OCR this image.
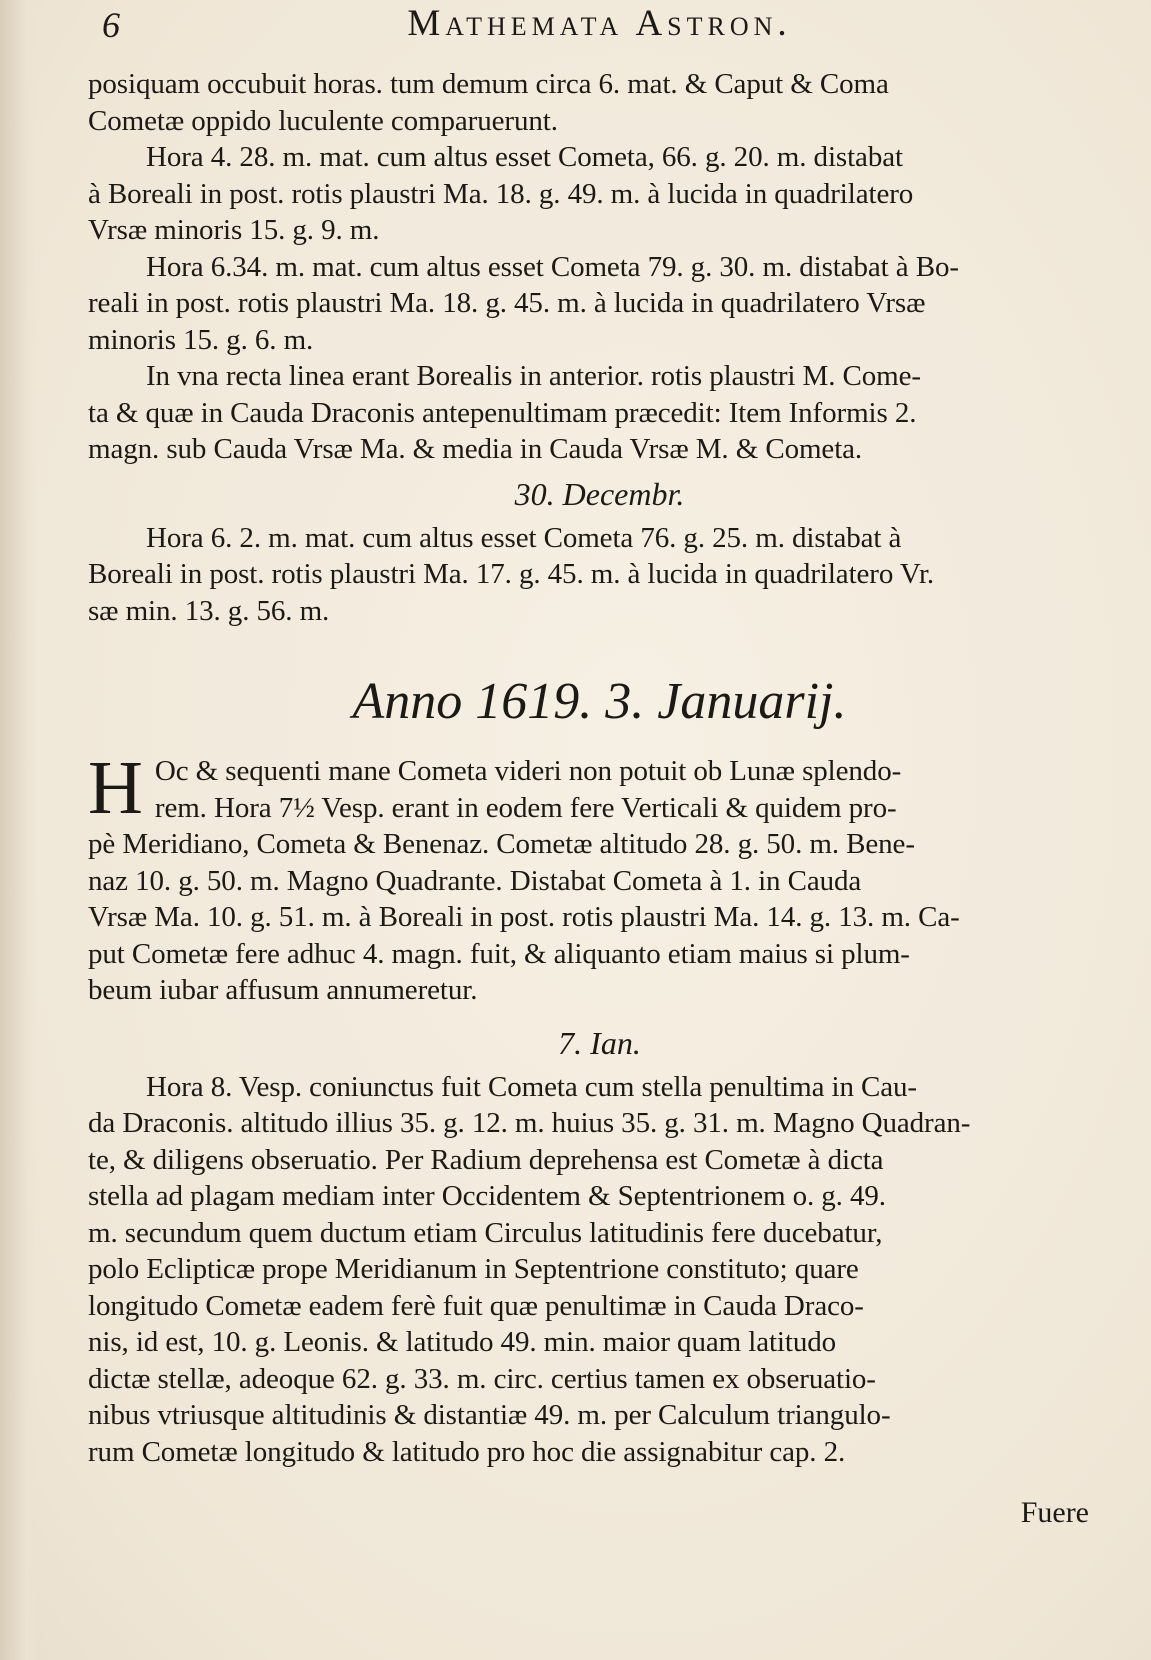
6	Mathemata Astron.
posiquam occubuit horas. tum demum circa 6. mat. & Caput & Coma
Cometæ oppido luculente comparuerunt.
Hora 4. 28. m. mat. cum altus esset Cometa, 66. g. 20. m. distabat
à Boreali in post. rotis plaustri Ma. 18. g. 49. m. à lucida in quadrilatero
Vrsæ minoris 15. g. 9. m.
Hora 6.34. m. mat. cum altus esset Cometa 79. g. 30. m. distabat à Bo-
reali in post. rotis plaustri Ma. 18. g. 45. m. à lucida in quadrilatero Vrsæ
minoris 15. g. 6. m.
In vna recta linea erant Borealis in anterior. rotis plaustri M. Come-
ta & quæ in Cauda Draconis antepenultimam præcedit: Item Informis 2.
magn. sub Cauda Vrsæ Ma. & media in Cauda Vrsæ M. & Cometa.
30. Decembr.
Hora 6. 2. m. mat. cum altus esset Cometa 76. g. 25. m. distabat à
Boreali in post. rotis plaustri Ma. 17. g. 45. m. à lucida in quadrilatero Vr.
sæ min. 13. g. 56. m.
Anno 1619. 3. Januarij.
H Oc & sequenti mane Cometa videri non potuit ob Lunæ splendo-
rem. Hora 7½ Vesp. erant in eodem fere Verticali & quidem pro-
pè Meridiano, Cometa & Benenaz. Cometæ altitudo 28. g. 50. m. Bene-
naz 10. g. 50. m. Magno Quadrante. Distabat Cometa à 1. in Cauda
Vrsæ Ma. 10. g. 51. m. à Boreali in post. rotis plaustri Ma. 14. g. 13. m. Ca-
put Cometæ fere adhuc 4. magn. fuit, & aliquanto etiam maius si plum-
beum iubar affusum annumeretur.
7. Ian.
Hora 8. Vesp. coniunctus fuit Cometa cum stella penultima in Cau-
da Draconis. altitudo illius 35. g. 12. m. huius 35. g. 31. m. Magno Quadran-
te, & diligens obseruatio. Per Radium deprehensa est Cometæ à dicta
stella ad plagam mediam inter Occidentem & Septentrionem o. g. 49.
m. secundum quem ductum etiam Circulus latitudinis fere ducebatur,
polo Eclipticæ prope Meridianum in Septentrione constituto; quare
longitudo Cometæ eadem ferè fuit quæ penultimæ in Cauda Draco-
nis, id est, 10. g. Leonis. & latitudo 49. min. maior quam latitudo
dictæ stellæ, adeoque 62. g. 33. m. circ. certius tamen ex obseruatio-
nibus vtriusque altitudinis & distantiæ 49. m. per Calculum triangulo-
rum Cometæ longitudo & latitudo pro hoc die assignabitur cap. 2.
Fuere
